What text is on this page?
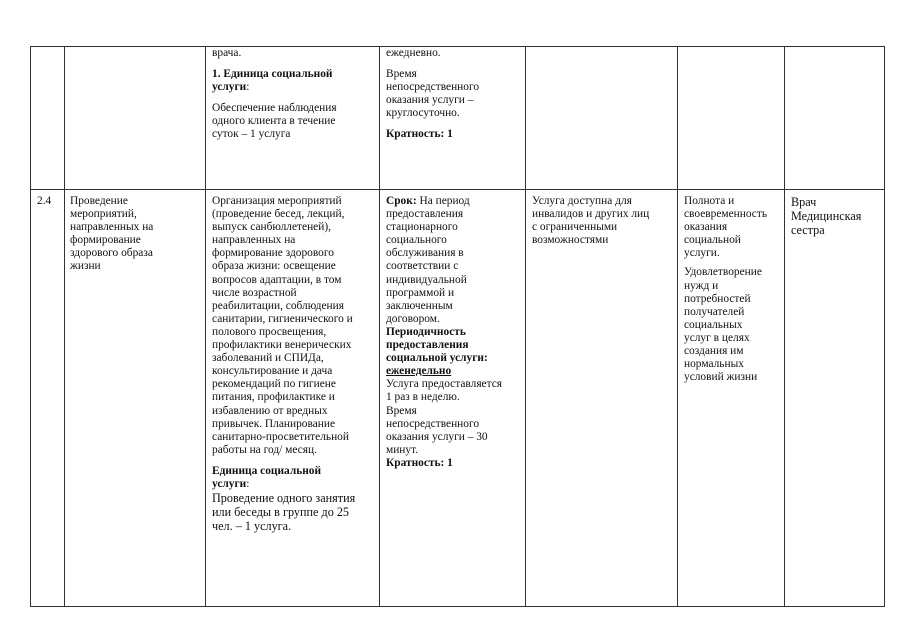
врача.

1. Единица социальной

услуги:

Обеспечение наблюдения

одного клиента в течение

суток – 1 услуга

ежедневно.

Время

непосредственного

оказания услуги –

круглосуточно.

Кратность: 1

2.4	Проведение

мероприятий,

направленных на

формирование

здорового образа

жизни

Организация мероприятий

(проведение бесед, лекций,

выпуск санбюллетеней),

направленных на

формирование здорового

образа жизни: освещение

вопросов адаптации, в том

числе возрастной

реабилитации, соблюдения

санитарии, гигиенического и

полового просвещения,

профилактики венерических

заболеваний и СПИДа,

консультирование и дача

рекомендаций по гигиене

питания, профилактике и

избавлению от вредных

привычек. Планирование

санитарно-просветительной

работы на год/ месяц.

Единица социальной

услуги:

Проведение одного занятия

или беседы в группе до 25

чел. – 1 услуга.

Срок: На период

предоставления

стационарного

социального

обслуживания в

соответствии с

индивидуальной

программой и

заключенным

договором.

Периодичность

предоставления

социальной услуги:

еженедельно

Услуга предоставляется

1 раз в неделю.

Время

непосредственного

оказания услуги – 30

минут.

Кратность: 1

Услуга доступна для

инвалидов и других лиц

с ограниченными

возможностями

Полнота и

своевременность

оказания

социальной

услуги.

Удовлетворение

нужд и

потребностей

получателей

социальных

услуг в целях

создания им

нормальных

условий жизни

Врач

Медицинская

сестра
